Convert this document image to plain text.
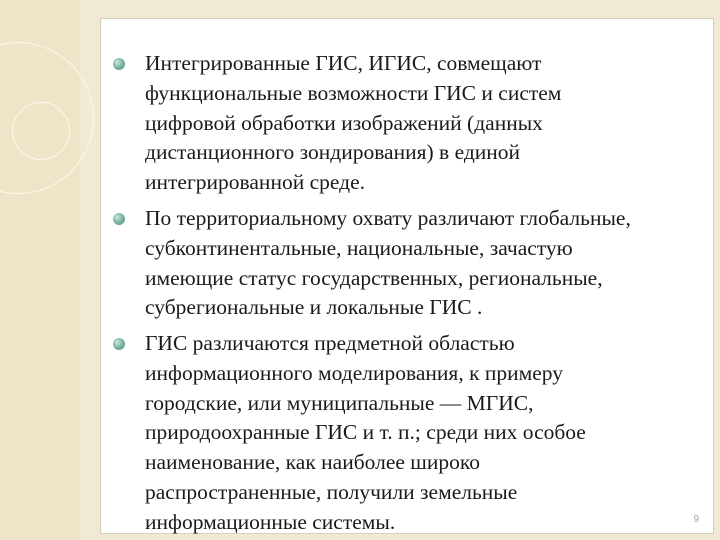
Интегрированные ГИС, ИГИС, совмещают
функциональные возможности ГИС и систем
цифровой обработки изображений (данных
дистанционного зондирования) в единой
интегрированной среде.
По территориальному охвату различают глобальные,
субконтинентальные, национальные, зачастую
имеющие статус государственных, региональные,
субрегиональные и локальные ГИС .
ГИС различаются предметной областью
информационного моделирования, к примеру
городские, или муниципальные — МГИС,
природоохранные ГИС и т. п.; среди них особое
наименование, как наиболее широко
распространенные, получили земельные
информационные системы.	9
